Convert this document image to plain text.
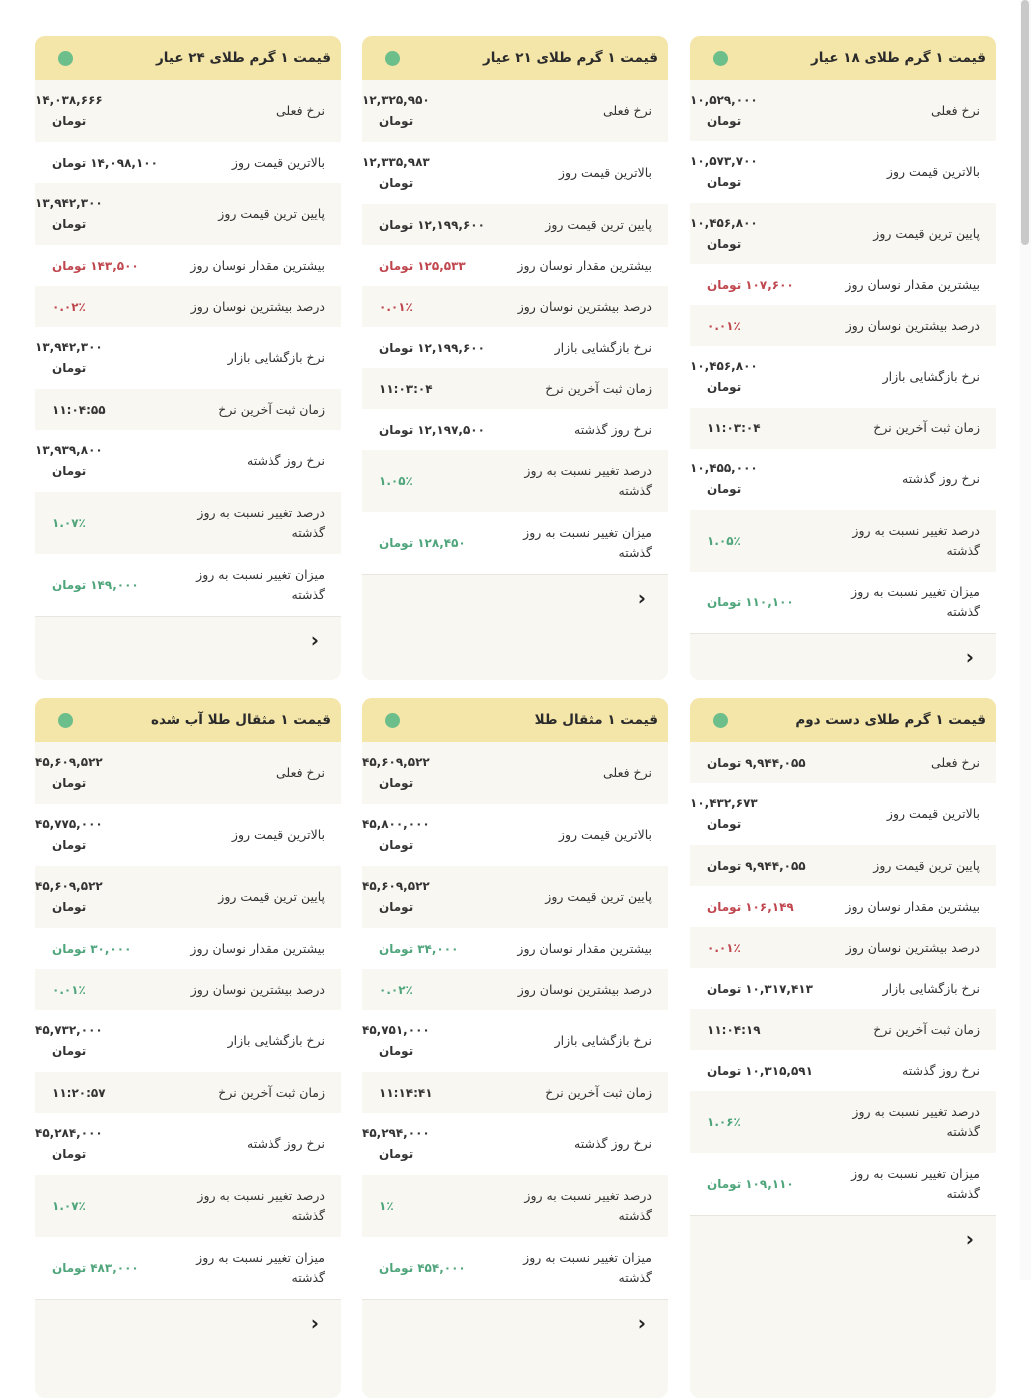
قیمت ۱ گرم طلای ۱۸ عیار
نرخ فعلی
۱۰,۵۲۹,۰۰۰
تومان
بالاترین قیمت روز
۱۰,۵۷۳,۷۰۰
تومان
پایین ترین قیمت روز
۱۰,۴۵۶,۸۰۰
تومان
بیشترین مقدار نوسان روز
۱۰۷,۶۰۰
تومان
درصد بیشترین نوسان روز
۰.۰۱٪
نرخ بازگشایی بازار
۱۰,۴۵۶,۸۰۰
تومان
زمان ثبت آخرین نرخ
۱۱:۰۳:۰۴
نرخ روز گذشته
۱۰,۴۵۵,۰۰۰
تومان
درصد تغییر نسبت به روز گذشته
۱.۰۵٪
میزان تغییر نسبت به روز گذشته
۱۱۰,۱۰۰
تومان
‹
قیمت ۱ گرم طلای ۲۱ عیار
نرخ فعلی
۱۲,۳۲۵,۹۵۰
تومان
بالاترین قیمت روز
۱۲,۳۳۵,۹۸۳
تومان
پایین ترین قیمت روز
۱۲,۱۹۹,۶۰۰
تومان
بیشترین مقدار نوسان روز
۱۲۵,۵۳۳
تومان
درصد بیشترین نوسان روز
۰.۰۱٪
نرخ بازگشایی بازار
۱۲,۱۹۹,۶۰۰
تومان
زمان ثبت آخرین نرخ
۱۱:۰۳:۰۴
نرخ روز گذشته
۱۲,۱۹۷,۵۰۰
تومان
درصد تغییر نسبت به روز گذشته
۱.۰۵٪
میزان تغییر نسبت به روز گذشته
۱۲۸,۴۵۰
تومان
‹
قیمت ۱ گرم طلای ۲۴ عیار
نرخ فعلی
۱۴,۰۳۸,۶۶۶
تومان
بالاترین قیمت روز
۱۴,۰۹۸,۱۰۰
تومان
پایین ترین قیمت روز
۱۳,۹۴۲,۳۰۰
تومان
بیشترین مقدار نوسان روز
۱۴۳,۵۰۰
تومان
درصد بیشترین نوسان روز
۰.۰۲٪
نرخ بازگشایی بازار
۱۳,۹۴۲,۳۰۰
تومان
زمان ثبت آخرین نرخ
۱۱:۰۴:۵۵
نرخ روز گذشته
۱۳,۹۳۹,۸۰۰
تومان
درصد تغییر نسبت به روز گذشته
۱.۰۷٪
میزان تغییر نسبت به روز گذشته
۱۴۹,۰۰۰
تومان
‹
قیمت ۱ گرم طلای دست دوم
نرخ فعلی
۹,۹۴۴,۰۵۵
تومان
بالاترین قیمت روز
۱۰,۴۳۲,۶۷۳
تومان
پایین ترین قیمت روز
۹,۹۴۴,۰۵۵
تومان
بیشترین مقدار نوسان روز
۱۰۶,۱۴۹
تومان
درصد بیشترین نوسان روز
۰.۰۱٪
نرخ بازگشایی بازار
۱۰,۳۱۷,۴۱۳
تومان
زمان ثبت آخرین نرخ
۱۱:۰۴:۱۹
نرخ روز گذشته
۱۰,۳۱۵,۵۹۱
تومان
درصد تغییر نسبت به روز گذشته
۱.۰۶٪
میزان تغییر نسبت به روز گذشته
۱۰۹,۱۱۰
تومان
‹
قیمت ۱ مثقال طلا
نرخ فعلی
۴۵,۶۰۹,۵۲۲
تومان
بالاترین قیمت روز
۴۵,۸۰۰,۰۰۰
تومان
پایین ترین قیمت روز
۴۵,۶۰۹,۵۲۲
تومان
بیشترین مقدار نوسان روز
۳۴,۰۰۰
تومان
درصد بیشترین نوسان روز
۰.۰۲٪
نرخ بازگشایی بازار
۴۵,۷۵۱,۰۰۰
تومان
زمان ثبت آخرین نرخ
۱۱:۱۴:۴۱
نرخ روز گذشته
۴۵,۲۹۴,۰۰۰
تومان
درصد تغییر نسبت به روز گذشته
۱٪
میزان تغییر نسبت به روز گذشته
۴۵۴,۰۰۰
تومان
‹
قیمت ۱ مثقال طلا آب شده
نرخ فعلی
۴۵,۶۰۹,۵۲۲
تومان
بالاترین قیمت روز
۴۵,۷۷۵,۰۰۰
تومان
پایین ترین قیمت روز
۴۵,۶۰۹,۵۲۲
تومان
بیشترین مقدار نوسان روز
۳۰,۰۰۰
تومان
درصد بیشترین نوسان روز
۰.۰۱٪
نرخ بازگشایی بازار
۴۵,۷۳۲,۰۰۰
تومان
زمان ثبت آخرین نرخ
۱۱:۲۰:۵۷
نرخ روز گذشته
۴۵,۲۸۴,۰۰۰
تومان
درصد تغییر نسبت به روز گذشته
۱.۰۷٪
میزان تغییر نسبت به روز گذشته
۴۸۳,۰۰۰
تومان
‹
